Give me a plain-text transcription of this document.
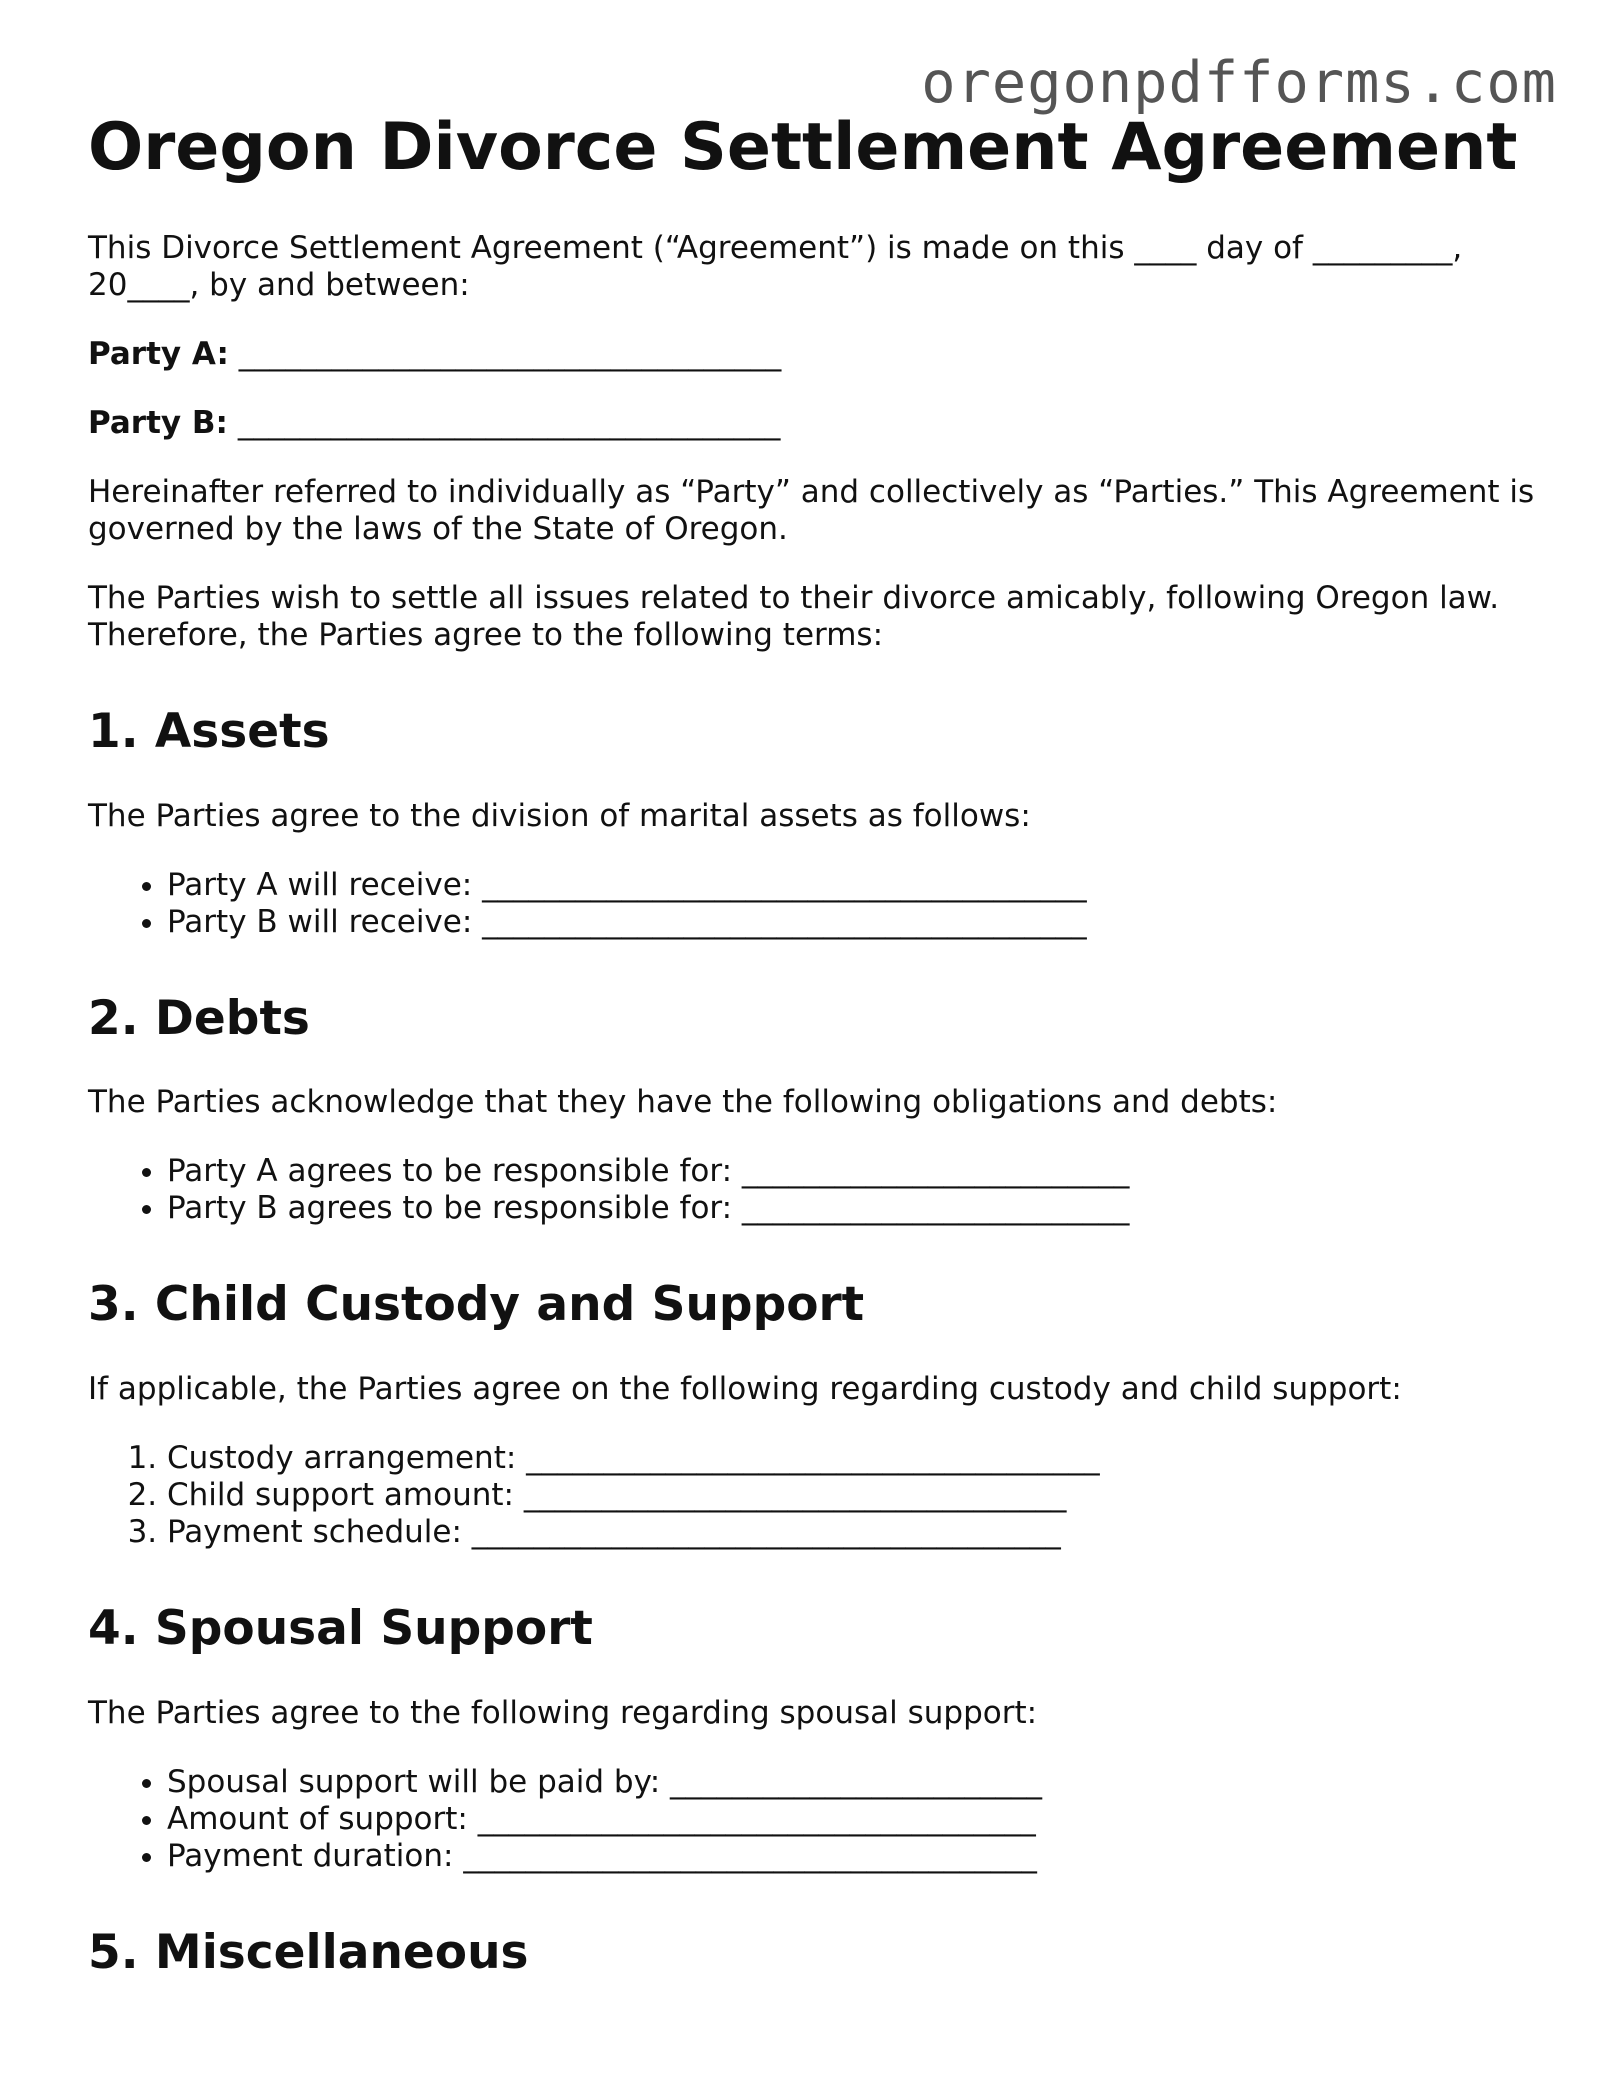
oregonpdfforms.com
Oregon Divorce Settlement Agreement

This Divorce Settlement Agreement (“Agreement”) is made on this ____ day of _________, 20____, by and between:

Party A: ___________________________________
Party B: ___________________________________

Hereinafter referred to individually as “Party” and collectively as “Parties.” This Agreement is governed by the laws of the State of Oregon.

The Parties wish to settle all issues related to their divorce amicably, following Oregon law. Therefore, the Parties agree to the following terms:

1. Assets

The Parties agree to the division of marital assets as follows:

• Party A will receive: _______________________________________
• Party B will receive: _______________________________________
2. Debts

The Parties acknowledge that they have the following obligations and debts:

• Party A agrees to be responsible for: _________________________
• Party B agrees to be responsible for: _________________________
3. Child Custody and Support

If applicable, the Parties agree on the following regarding custody and child support:

1. Custody arrangement: _____________________________________
2. Child support amount: ___________________________________
3. Payment schedule: ______________________________________
4. Spousal Support

The Parties agree to the following regarding spousal support:

• Spousal support will be paid by: ________________________
• Amount of support: ____________________________________
• Payment duration: _____________________________________
5. Miscellaneous
